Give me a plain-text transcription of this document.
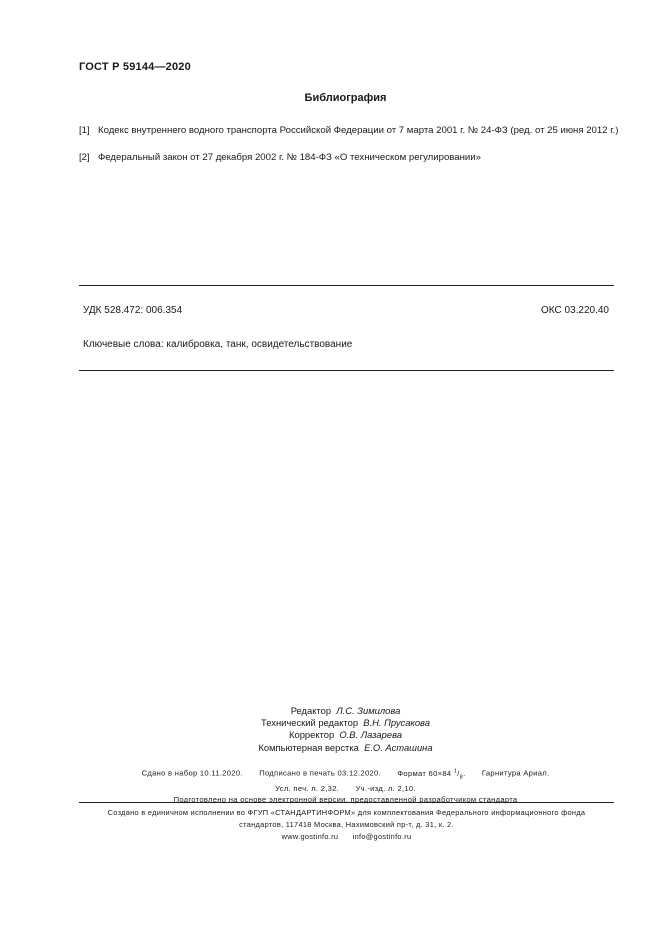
ГОСТ Р 59144—2020
Библиография
[1] Кодекс внутреннего водного транспорта Российской Федерации от 7 марта 2001 г. № 24-ФЗ (ред. от 25 июня 2012 г.)
[2] Федеральный закон от 27 декабря 2002 г. № 184-ФЗ «О техническом регулировании»
УДК 528.472: 006.354	ОКС 03.220.40
Ключевые слова: калибровка, танк, освидетельствование
Редактор Л.С. Зимилова
Технический редактор В.Н. Прусакова
Корректор О.В. Лазарева
Компьютерная верстка Е.О. Асташина
Сдано в набор 10.11.2020. Подписано в печать 03.12.2020. Формат 60×84 $^1/_8$. Гарнитура Ариал.
Усл. печ. л. 2,32. Уч.-изд. л. 2,10.
Подготовлено на основе электронной версии, предоставленной разработчиком стандарта
Создано в единичном исполнении во ФГУП «СТАНДАРТИНФОРМ» для комплектования Федерального информационного фонда
стандартов, 117418 Москва, Нахимовский пр-т, д. 31, к. 2.
www.gostinfo.ru info@gostinfo.ru
